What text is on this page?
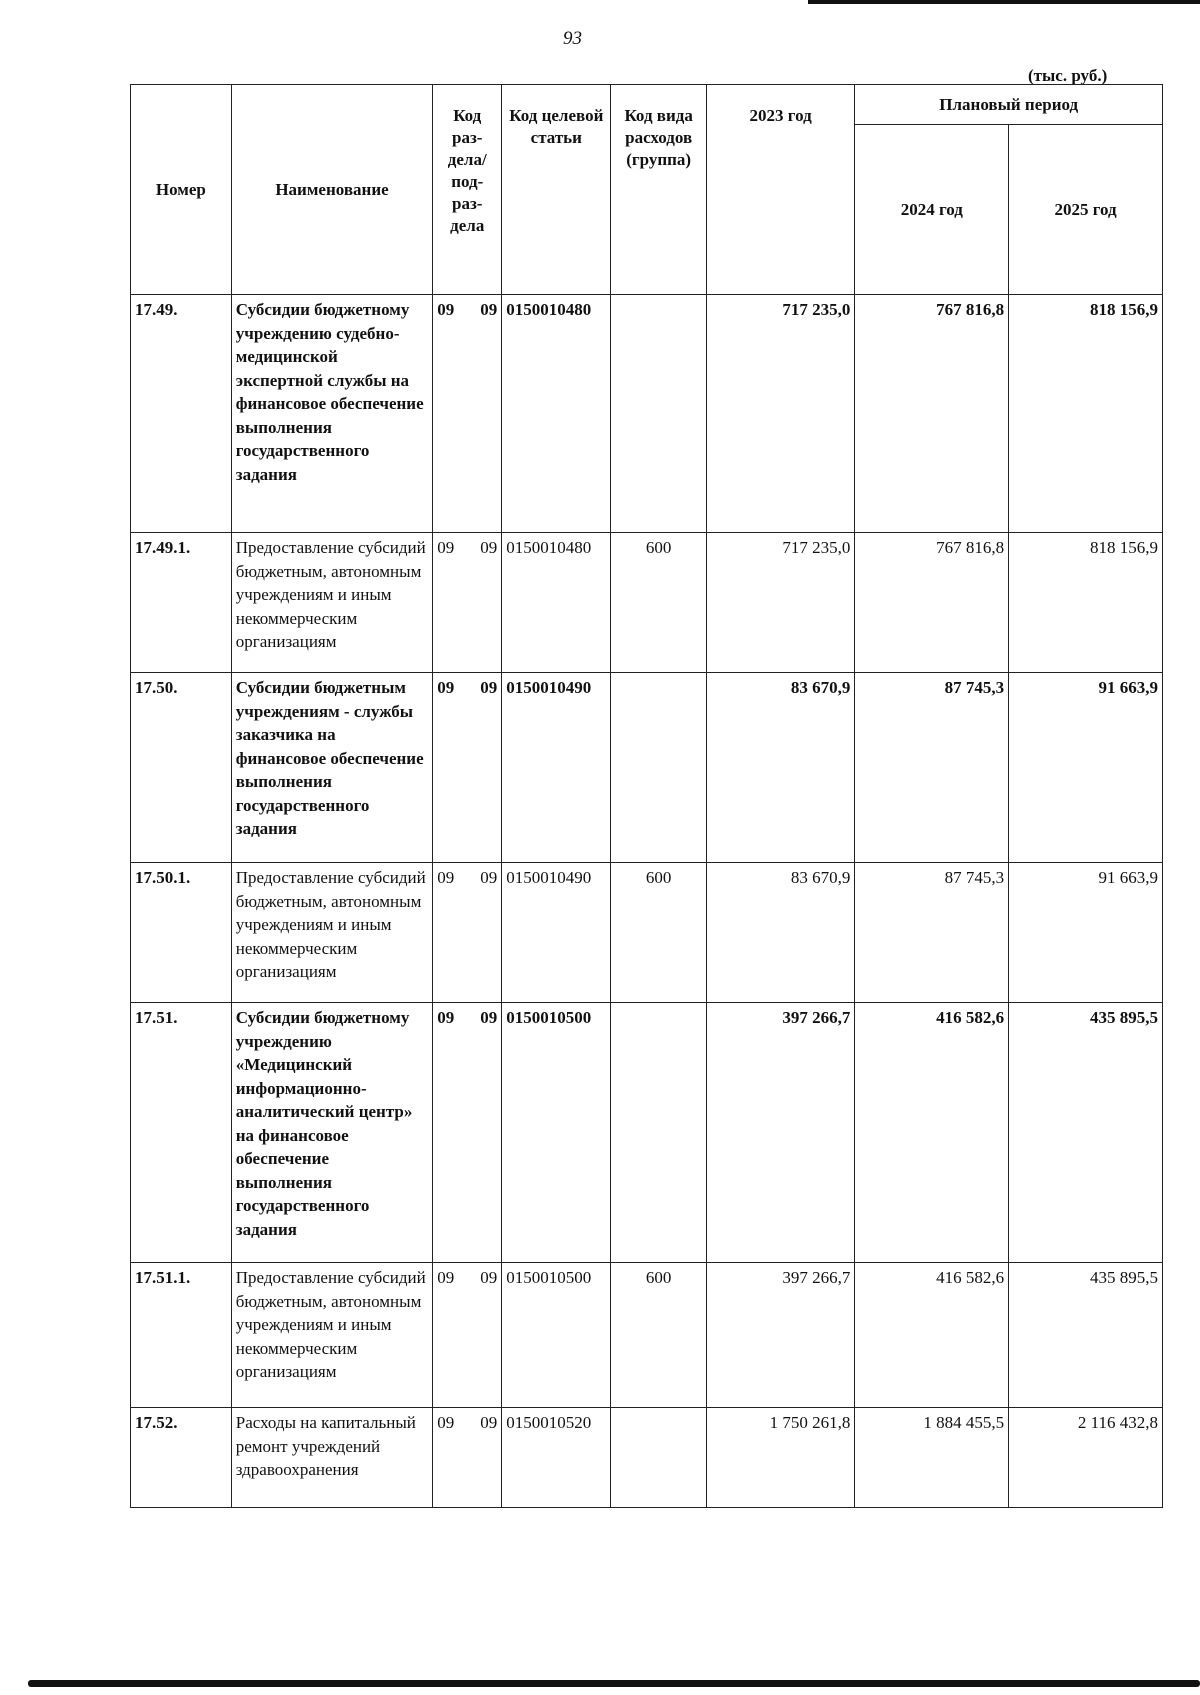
93
(тыс. руб.)
Номер	Наименование	Код раз- дела/ под- раз- дела	Код целевой статьи	Код вида расходов (группа)	2023 год	Плановый период	
						2024 год	2025 год
17.49.	Субсидии бюджетному учреждению судебно-медицинской экспертной службы на финансовое обеспечение выполнения государственного задания	09 09	0150010480		717 235,0	767 816,8	818 156,9
17.49.1.	Предоставление субсидий бюджетным, автономным учреждениям и иным некоммерческим организациям	09 09	0150010480	600	717 235,0	767 816,8	818 156,9
17.50.	Субсидии бюджетным учреждениям - службы заказчика на финансовое обеспечение выполнения государственного задания	09 09	0150010490		83 670,9	87 745,3	91 663,9
17.50.1.	Предоставление субсидий бюджетным, автономным учреждениям и иным некоммерческим организациям	09 09	0150010490	600	83 670,9	87 745,3	91 663,9
17.51.	Субсидии бюджетному учреждению «Медицинский информационно-аналитический центр» на финансовое обеспечение выполнения государственного задания	09 09	0150010500		397 266,7	416 582,6	435 895,5
17.51.1.	Предоставление субсидий бюджетным, автономным учреждениям и иным некоммерческим организациям	09 09	0150010500	600	397 266,7	416 582,6	435 895,5
17.52.	Расходы на капитальный ремонт учреждений здравоохранения	09 09	0150010520		1 750 261,8	1 884 455,5	2 116 432,8
